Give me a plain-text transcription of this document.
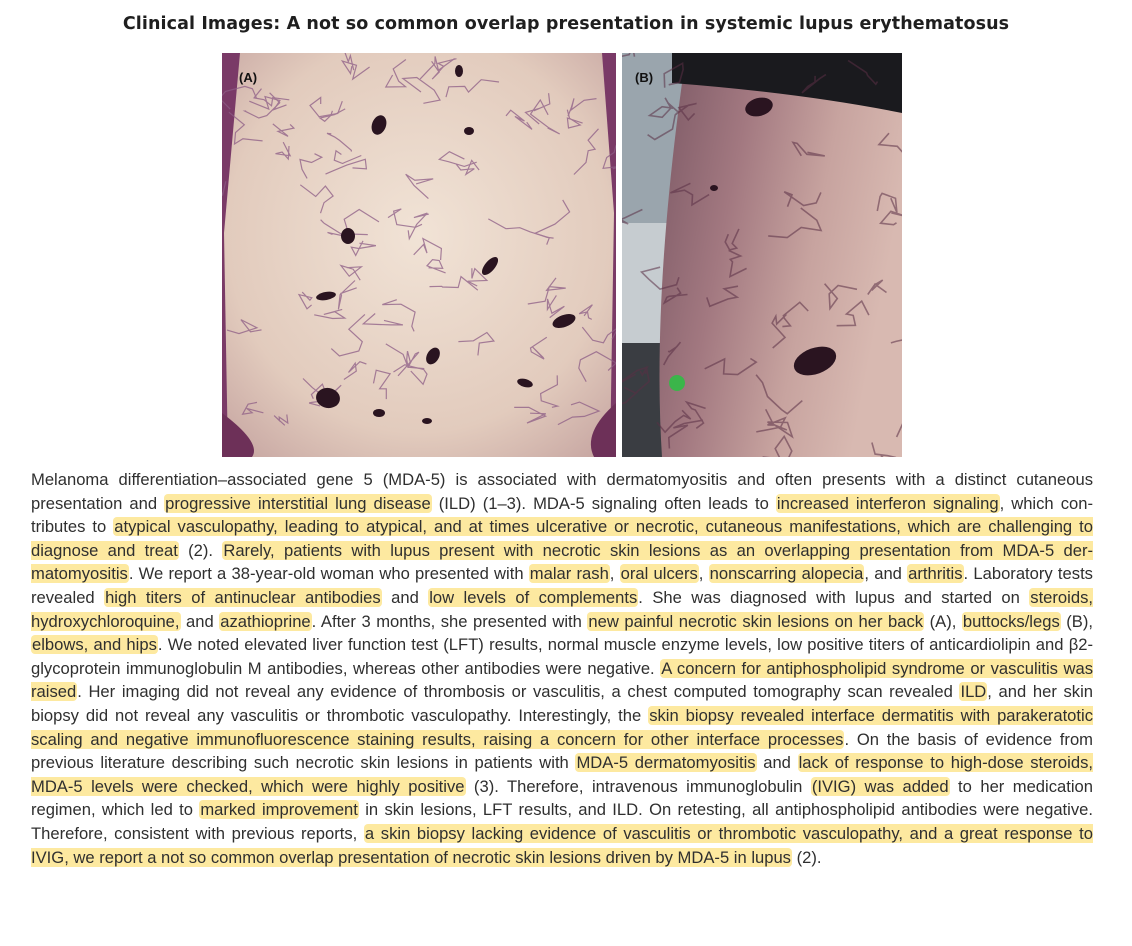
Clinical Images: A not so common overlap presentation in systemic lupus erythematosus
(A)	(B)
Melanoma differentiation–associated gene 5 (MDA-5) is associated with dermatomyositis and often presents with a distinct cutaneous presentation and progressive interstitial lung disease (ILD) (1–3). MDA-5 signaling often leads to increased interferon signaling, which contributes to atypical vasculopathy, leading to atypical, and at times ulcerative or necrotic, cutaneous manifestations, which are challenging to diagnose and treat (2). Rarely, patients with lupus present with necrotic skin lesions as an overlapping presentation from MDA-5 dermatomyositis. We report a 38-year-old woman who presented with malar rash, oral ulcers, nonscarring alopecia, and arthritis. Laboratory tests revealed high titers of antinuclear antibodies and low levels of complements. She was diagnosed with lupus and started on steroids, hydroxychloroquine, and azathioprine. After 3 months, she presented with new painful necrotic skin lesions on her back (A), buttocks/legs (B), elbows, and hips. We noted elevated liver function test (LFT) results, normal muscle enzyme levels, low positive titers of anticardiolipin and β2-glycoprotein immunoglobulin M antibodies, whereas other antibodies were negative. A concern for antiphospholipid syndrome or vasculitis was raised. Her imaging did not reveal any evidence of thrombosis or vasculitis, a chest computed tomography scan revealed ILD, and her skin biopsy did not reveal any vasculitis or thrombotic vasculopathy. Interestingly, the skin biopsy revealed interface dermatitis with parakeratotic scaling and negative immunofluorescence staining results, raising a concern for other interface processes. On the basis of evidence from previous literature describing such necrotic skin lesions in patients with MDA-5 dermatomyositis and lack of response to high-dose steroids, MDA-5 levels were checked, which were highly positive (3). Therefore, intravenous immunoglobulin (IVIG) was added to her medication regimen, which led to marked improvement in skin lesions, LFT results, and ILD. On retesting, all antiphospholipid antibodies were negative. Therefore, consistent with previous reports, a skin biopsy lacking evidence of vasculitis or thrombotic vasculopathy, and a great response to IVIG, we report a not so common overlap presentation of necrotic skin lesions driven by MDA-5 in lupus (2).
